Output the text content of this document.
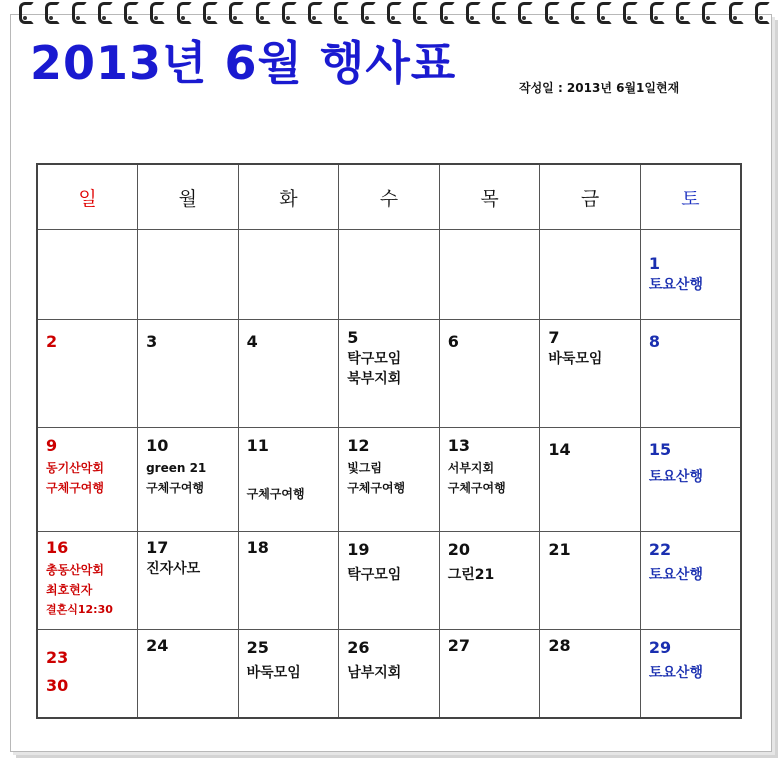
2013년 6월 행사표	작성일 : 2013년 6월1일현재
일	월	화	수	목	금	토

						1
토요산행

2	3	4	5
탁구모임
북부지회	6	7
바둑모임	8

9
동기산악회
구체구여행	10
green 21
구체구여행	11
구체구여행	12
빛그림
구체구여행	13
서부지회
구체구여행	14	15
토요산행

16
총동산악회
최호현자
결혼식12:30	17
진자사모	18	19
탁구모임	20
그린21	21	22
토요산행

23
30	24	25
바둑모임	26
남부지회	27	28	29
토요산행
